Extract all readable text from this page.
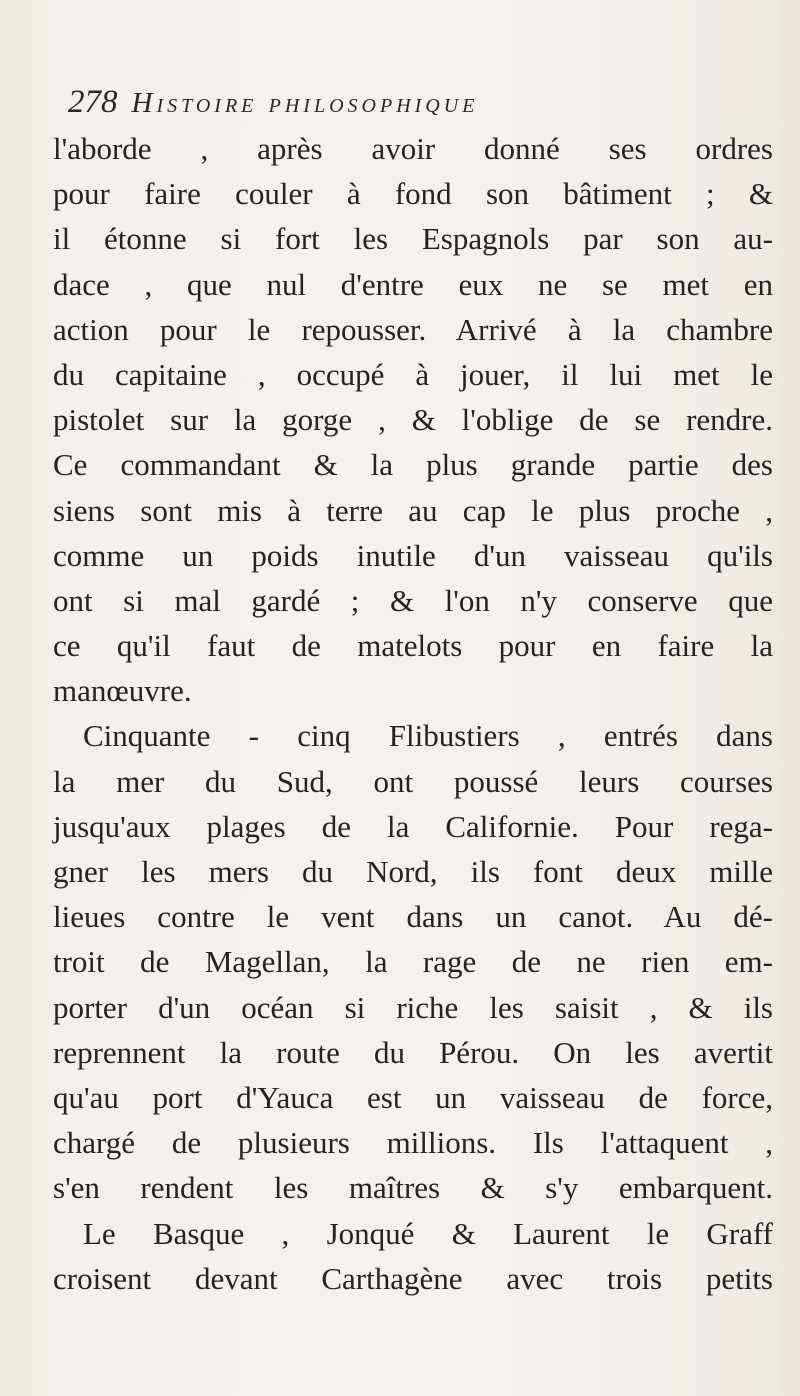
278 Histoire philosophique
l'aborde , après avoir donné ses ordres
pour faire couler à fond son bâtiment ; &
il étonne si fort les Espagnols par son au-
dace , que nul d'entre eux ne se met en
action pour le repousser. Arrivé à la chambre
du capitaine , occupé à jouer, il lui met le
pistolet sur la gorge , & l'oblige de se rendre.
Ce commandant & la plus grande partie des
siens sont mis à terre au cap le plus proche ,
comme un poids inutile d'un vaisseau qu'ils
ont si mal gardé ; & l'on n'y conserve que
ce qu'il faut de matelots pour en faire la
manœuvre.
Cinquante - cinq Flibustiers , entrés dans
la mer du Sud, ont poussé leurs courses
jusqu'aux plages de la Californie. Pour rega-
gner les mers du Nord, ils font deux mille
lieues contre le vent dans un canot. Au dé-
troit de Magellan, la rage de ne rien em-
porter d'un océan si riche les saisit , & ils
reprennent la route du Pérou. On les avertit
qu'au port d'Yauca est un vaisseau de force,
chargé de plusieurs millions. Ils l'attaquent ,
s'en rendent les maîtres & s'y embarquent.
Le Basque , Jonqué & Laurent le Graff
croisent devant Carthagène avec trois petits
